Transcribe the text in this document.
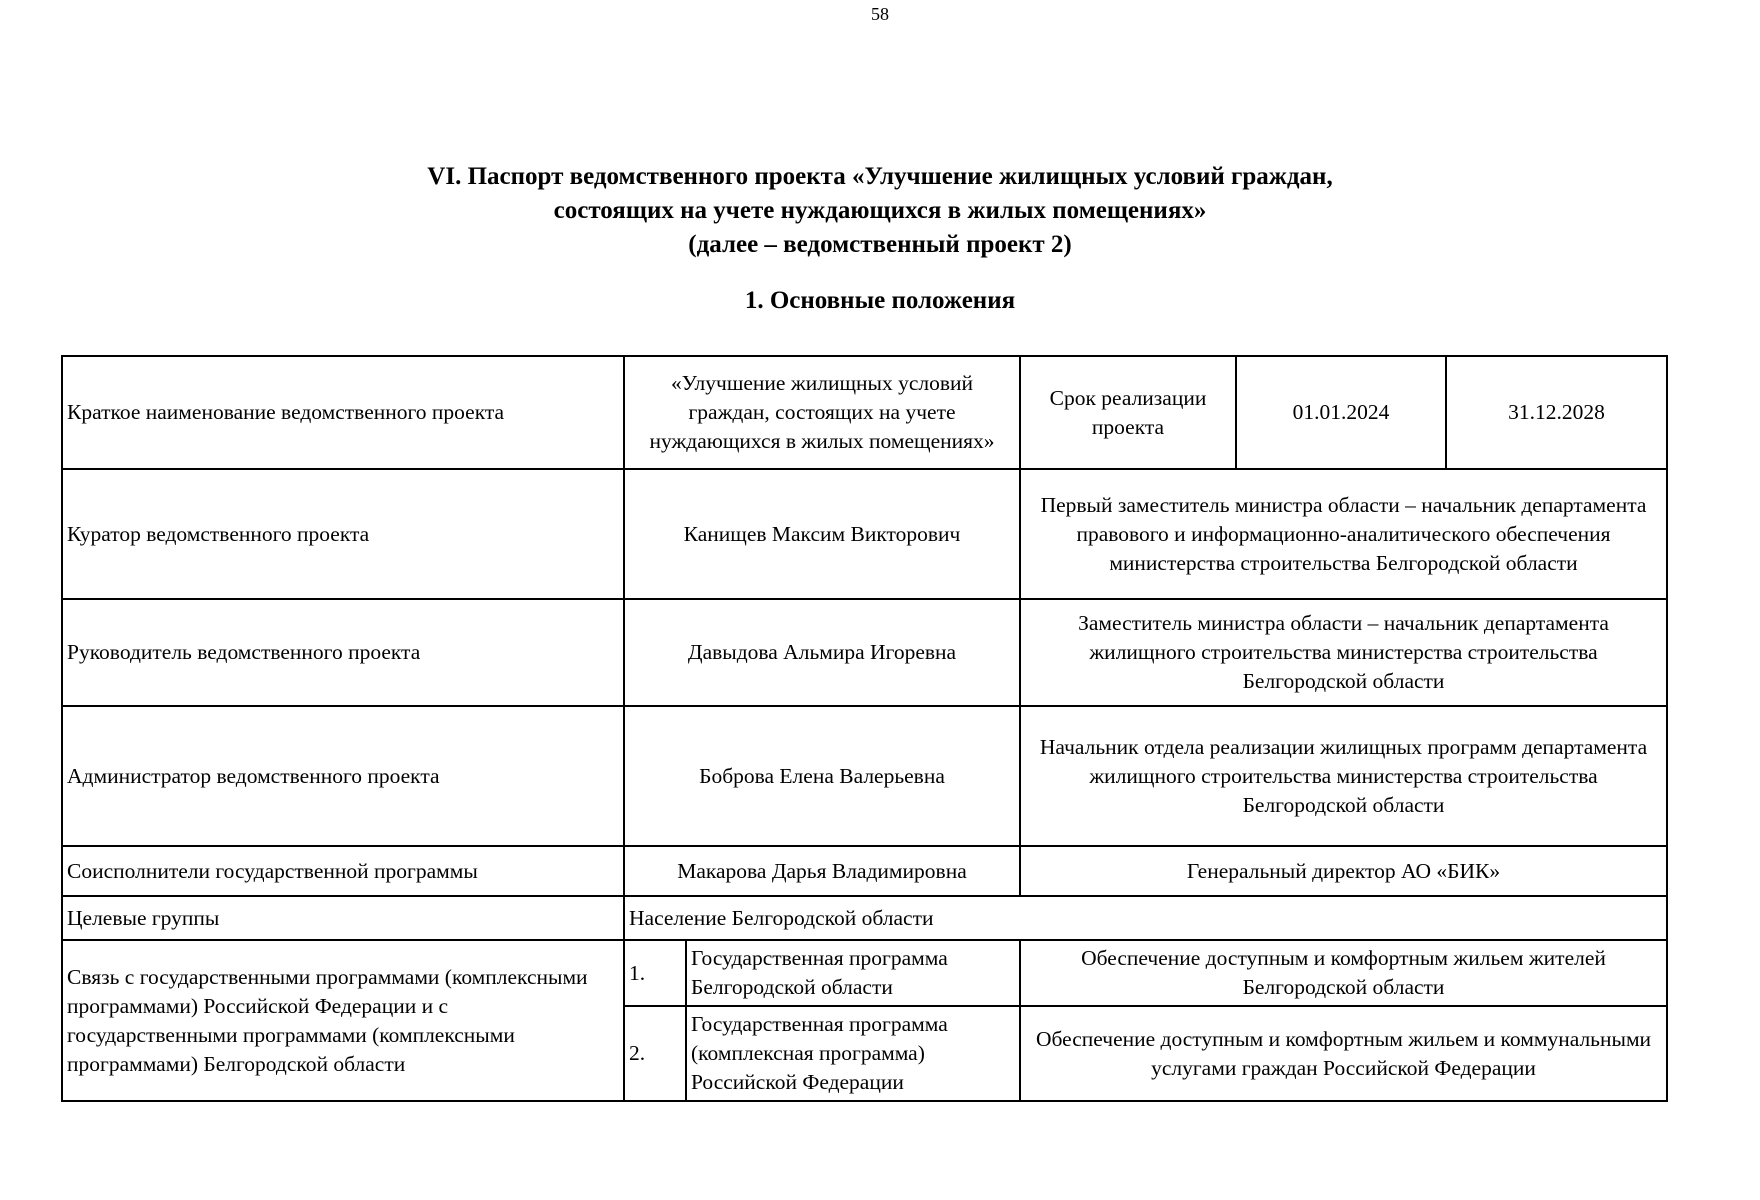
58
VI. Паспорт ведомственного проекта «Улучшение жилищных условий граждан,
состоящих на учете нуждающихся в жилых помещениях»
(далее – ведомственный проект 2)
1. Основные положения
Краткое наименование ведомственного проекта	«Улучшение жилищных условий граждан, состоящих на учете нуждающихся в жилых помещениях»		Срок реализации проекта	01.01.2024	31.12.2028
Куратор ведомственного проекта	Канищев Максим Викторович		Первый заместитель министра области – начальник департамента правового и информационно-аналитического обеспечения министерства строительства Белгородской области		
Руководитель ведомственного проекта	Давыдова Альмира Игоревна		Заместитель министра области – начальник департамента жилищного строительства министерства строительства Белгородской области		
Администратор ведомственного проекта	Боброва Елена Валерьевна		Начальник отдела реализации жилищных программ департамента жилищного строительства министерства строительства Белгородской области		
Соисполнители государственной программы	Макарова Дарья Владимировна		Генеральный директор АО «БИК»		
Целевые группы	Население Белгородской области				
Связь с государственными программами (комплексными программами) Российской Федерации и с государственными программами (комплексными программами) Белгородской области	1.	Государственная программа Белгородской области	Обеспечение доступным и комфортным жильем жителей Белгородской области		
	2.	Государственная программа (комплексная программа) Российской Федерации	Обеспечение доступным и комфортным жильем и коммунальными услугами граждан Российской Федерации		
